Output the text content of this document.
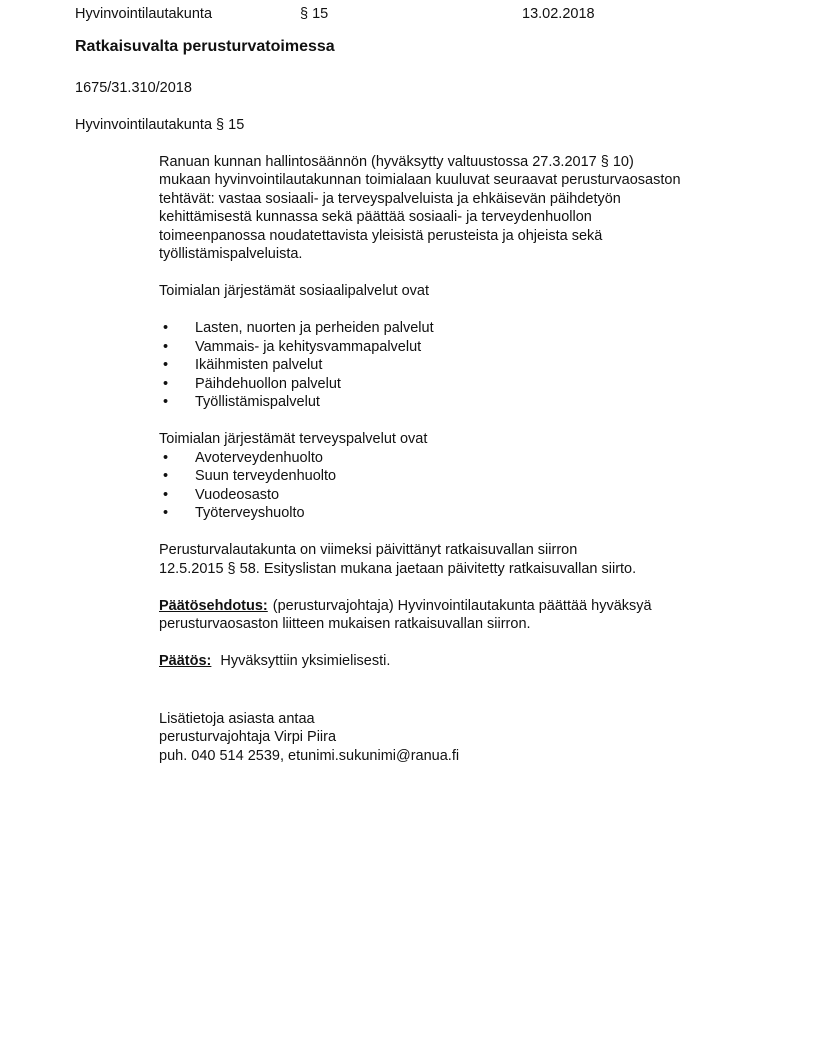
Hyvinvointilautakunta	§ 15	13.02.2018
Ratkaisuvalta perusturvatoimessa
1675/31.310/2018
Hyvinvointilautakunta § 15

Ranuan kunnan hallintosäännön (hyväksytty valtuustossa 27.3.2017 § 10)
mukaan hyvinvointilautakunnan toimialaan kuuluvat seuraavat perusturvaosaston
tehtävät: vastaa sosiaali- ja terveyspalveluista ja ehkäisevän päihdetyön
kehittämisestä kunnassa sekä päättää sosiaali- ja terveydenhuollon
toimeenpanossa noudatettavista yleisistä perusteista ja ohjeista sekä
työllistämispalveluista.

Toimialan järjestämät sosiaalipalvelut ovat

• Lasten, nuorten ja perheiden palvelut
• Vammais- ja kehitysvammapalvelut
• Ikäihmisten palvelut
• Päihdehuollon palvelut
• Työllistämispalvelut

Toimialan järjestämät terveyspalvelut ovat

• Avoterveydenhuolto
• Suun terveydenhuolto
• Vuodeosasto
• Työterveyshuolto

Perusturvalautakunta on viimeksi päivittänyt ratkaisuvallan siirron
12.5.2015 § 58. Esityslistan mukana jaetaan päivitetty ratkaisuvallan siirto.

Päätösehdotus: (perusturvajohtaja) Hyvinvointilautakunta päättää hyväksyä
perusturvaosaston liitteen mukaisen ratkaisuvallan siirron.

Päätös: Hyväksyttiin yksimielisesti.

Lisätietoja asiasta antaa
perusturvajohtaja Virpi Piira
puh. 040 514 2539, etunimi.sukunimi@ranua.fi
